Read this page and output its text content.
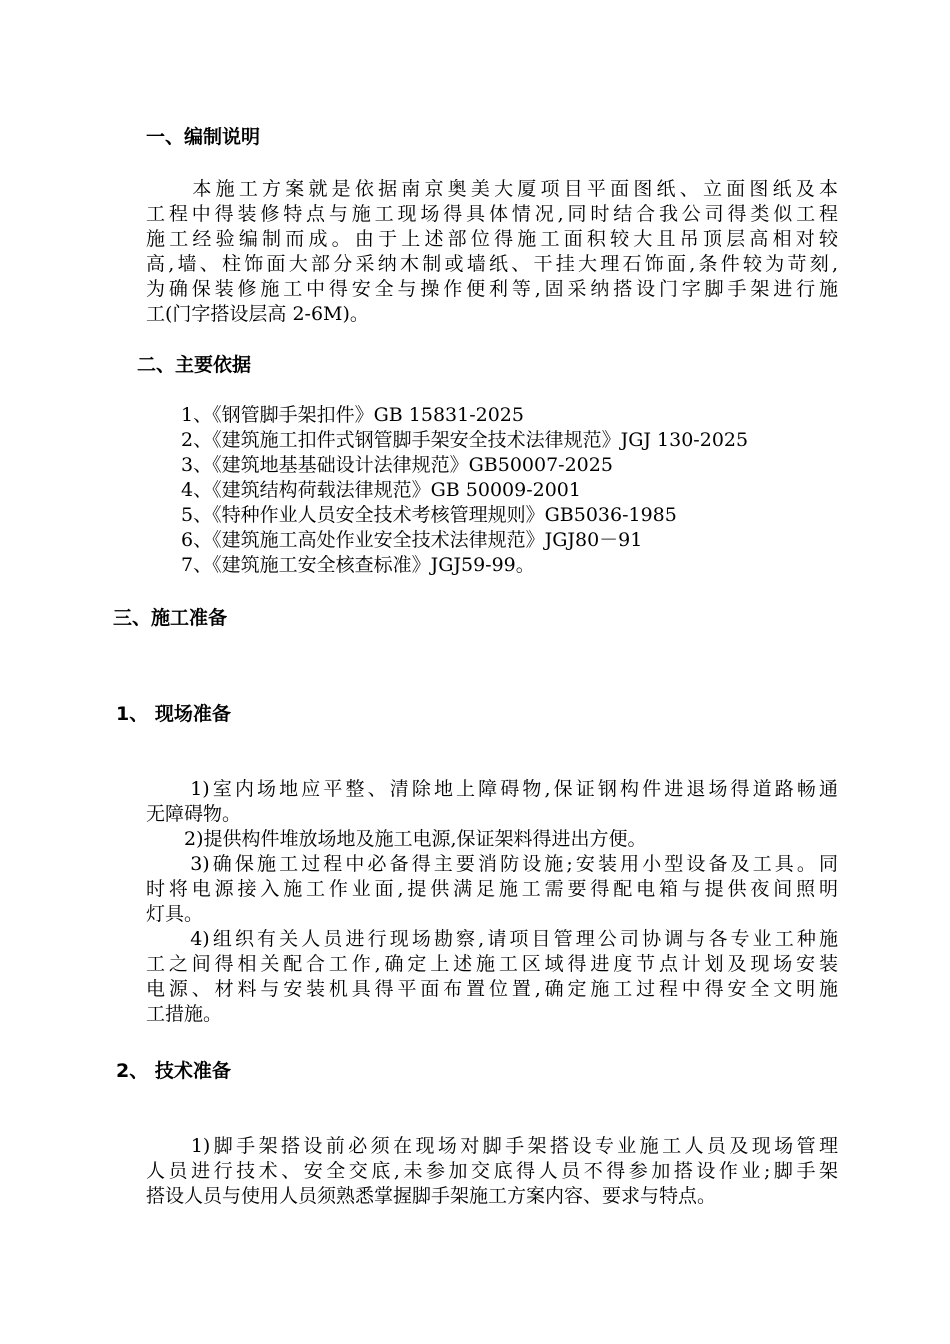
一、编制说明
　　本施工方案就是依据南京奥美大厦项目平面图纸、立面图纸及本
工程中得装修特点与施工现场得具体情况,同时结合我公司得类似工程
施工经验编制而成。由于上述部位得施工面积较大且吊顶层高相对较
高,墙、柱饰面大部分采纳木制或墙纸、干挂大理石饰面,条件较为苛刻,
为确保装修施工中得安全与操作便利等,固采纳搭设门字脚手架进行施
工(门字搭设层高 2-6M)。
二、主要依据
1、《钢管脚手架扣件》GB 15831-2025
2、《建筑施工扣件式钢管脚手架安全技术法律规范》JGJ 130-2025
3、《建筑地基基础设计法律规范》GB50007-2025
4、《建筑结构荷载法律规范》GB 50009-2001
5、《特种作业人员安全技术考核管理规则》GB5036-1985
6、《建筑施工高处作业安全技术法律规范》JGJ80－91
7、《建筑施工安全核查标准》JGJ59-99。
三、施工准备
1、 现场准备
　　1)室内场地应平整、清除地上障碍物,保证钢构件进退场得道路畅通
无障碍物。
　　2)提供构件堆放场地及施工电源,保证架料得进出方便。
　　3)确保施工过程中必备得主要消防设施;安装用小型设备及工具。同
时将电源接入施工作业面,提供满足施工需要得配电箱与提供夜间照明
灯具。
　　4)组织有关人员进行现场勘察,请项目管理公司协调与各专业工种施
工之间得相关配合工作,确定上述施工区域得进度节点计划及现场安装
电源、材料与安装机具得平面布置位置,确定施工过程中得安全文明施
工措施。
2、 技术准备
　　1)脚手架搭设前必须在现场对脚手架搭设专业施工人员及现场管理
人员进行技术、安全交底,未参加交底得人员不得参加搭设作业;脚手架
搭设人员与使用人员须熟悉掌握脚手架施工方案内容、要求与特点。
